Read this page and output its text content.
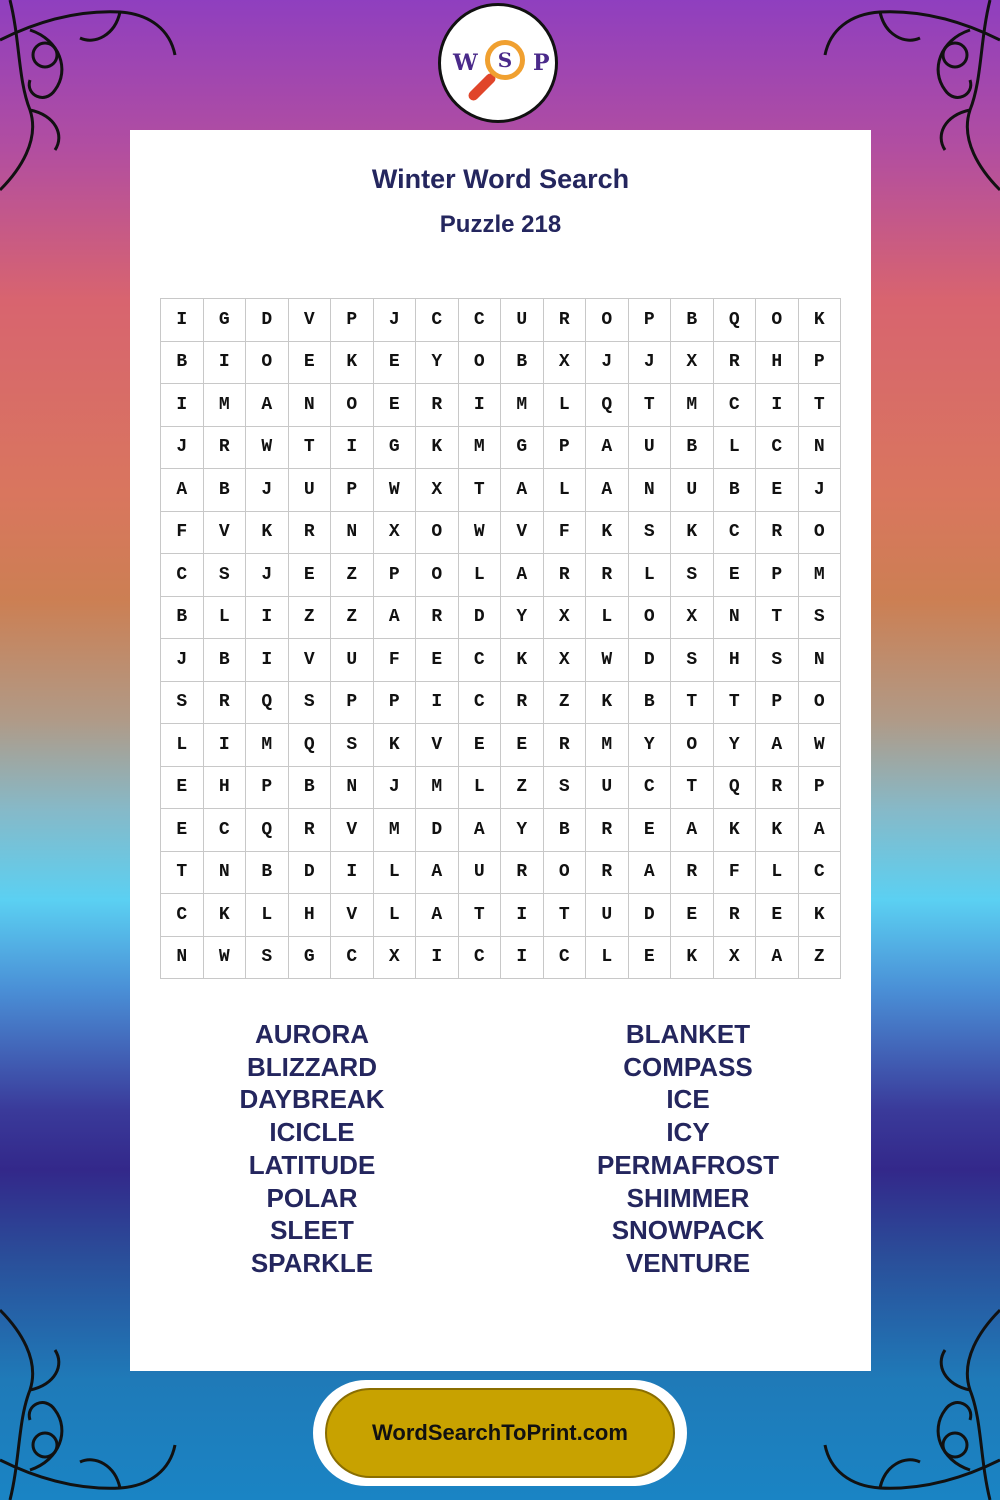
W	S P
Winter Word Search
Puzzle 218
I	G	D	V	P	J	C	C	U	R	O	P	B	Q	O	K
B	I	O	E	K	E	Y	O	B	X	J	J	X	R	H	P
I	M	A	N	O	E	R	I	M	L	Q	T	M	C	I	T
J	R	W	T	I	G	K	M	G	P	A	U	B	L	C	N
A	B	J	U	P	W	X	T	A	L	A	N	U	B	E	J
F	V	K	R	N	X	O	W	V	F	K	S	K	C	R	O
C	S	J	E	Z	P	O	L	A	R	R	L	S	E	P	M
B	L	I	Z	Z	A	R	D	Y	X	L	O	X	N	T	S
J	B	I	V	U	F	E	C	K	X	W	D	S	H	S	N
S	R	Q	S	P	P	I	C	R	Z	K	B	T	T	P	O
L	I	M	Q	S	K	V	E	E	R	M	Y	O	Y	A	W
E	H	P	B	N	J	M	L	Z	S	U	C	T	Q	R	P
E	C	Q	R	V	M	D	A	Y	B	R	E	A	K	K	A
T	N	B	D	I	L	A	U	R	O	R	A	R	F	L	C
C	K	L	H	V	L	A	T	I	T	U	D	E	R	E	K
N	W	S	G	C	X	I	C	I	C	L	E	K	X	A	Z
AURORA
BLIZZARD
DAYBREAK
ICICLE
LATITUDE
POLAR
SLEET
SPARKLE
BLANKET
COMPASS
ICE
ICY
PERMAFROST
SHIMMER
SNOWPACK
VENTURE
WordSearchToPrint.com
